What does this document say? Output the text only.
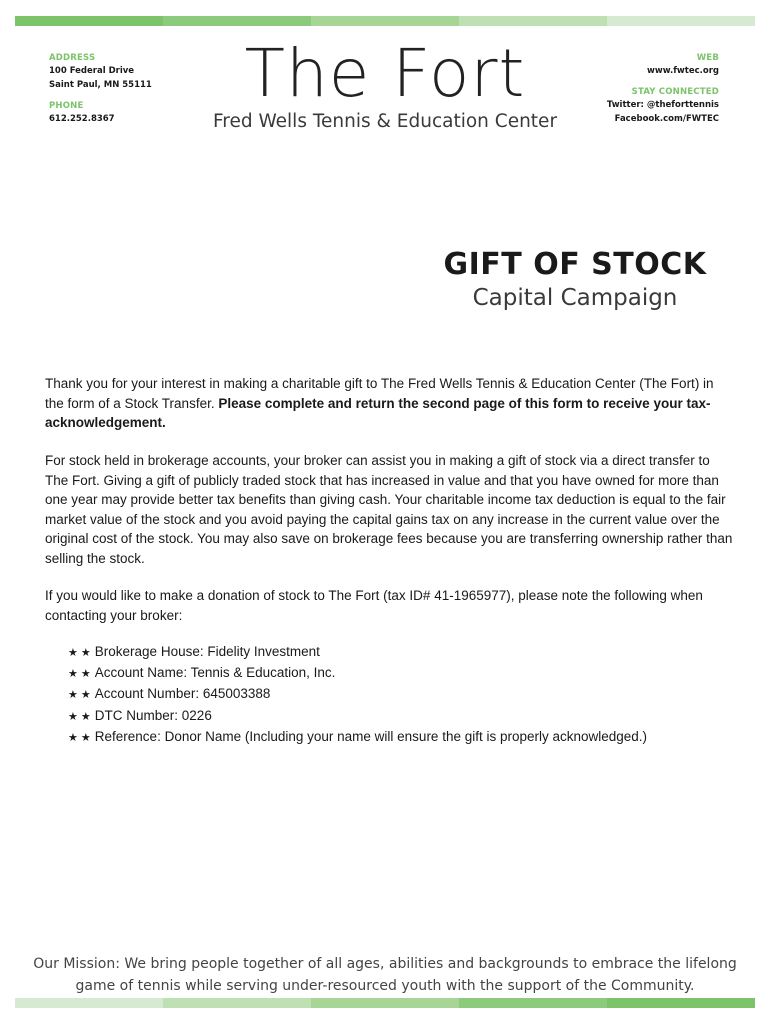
ADDRESS
100 Federal Drive
Saint Paul, MN 55111
PHONE
612.252.8367
The Fort
Fred Wells Tennis & Education Center
WEB
www.fwtec.org
STAY CONNECTED
Twitter: @theforttennis
Facebook.com/FWTEC
GIFT OF STOCK
Capital Campaign
Thank you for your interest in making a charitable gift to The Fred Wells Tennis & Education Center (The Fort) in the form of a Stock Transfer. Please complete and return the second page of this form to receive your tax-acknowledgement.
For stock held in brokerage accounts, your broker can assist you in making a gift of stock via a direct transfer to The Fort. Giving a gift of publicly traded stock that has increased in value and that you have owned for more than one year may provide better tax benefits than giving cash. Your charitable income tax deduction is equal to the fair market value of the stock and you avoid paying the capital gains tax on any increase in the current value over the original cost of the stock. You may also save on brokerage fees because you are transferring ownership rather than selling the stock.
If you would like to make a donation of stock to The Fort (tax ID# 41-1965977), please note the following when contacting your broker:
★ ★ Brokerage House: Fidelity Investment
★ ★ Account Name: Tennis & Education, Inc.
★ ★ Account Number: 645003388
★ ★ DTC Number: 0226
★ ★ Reference: Donor Name (Including your name will ensure the gift is properly acknowledged.)
Our Mission: We bring people together of all ages, abilities and backgrounds to embrace the lifelong
game of tennis while serving under-resourced youth with the support of the Community.
